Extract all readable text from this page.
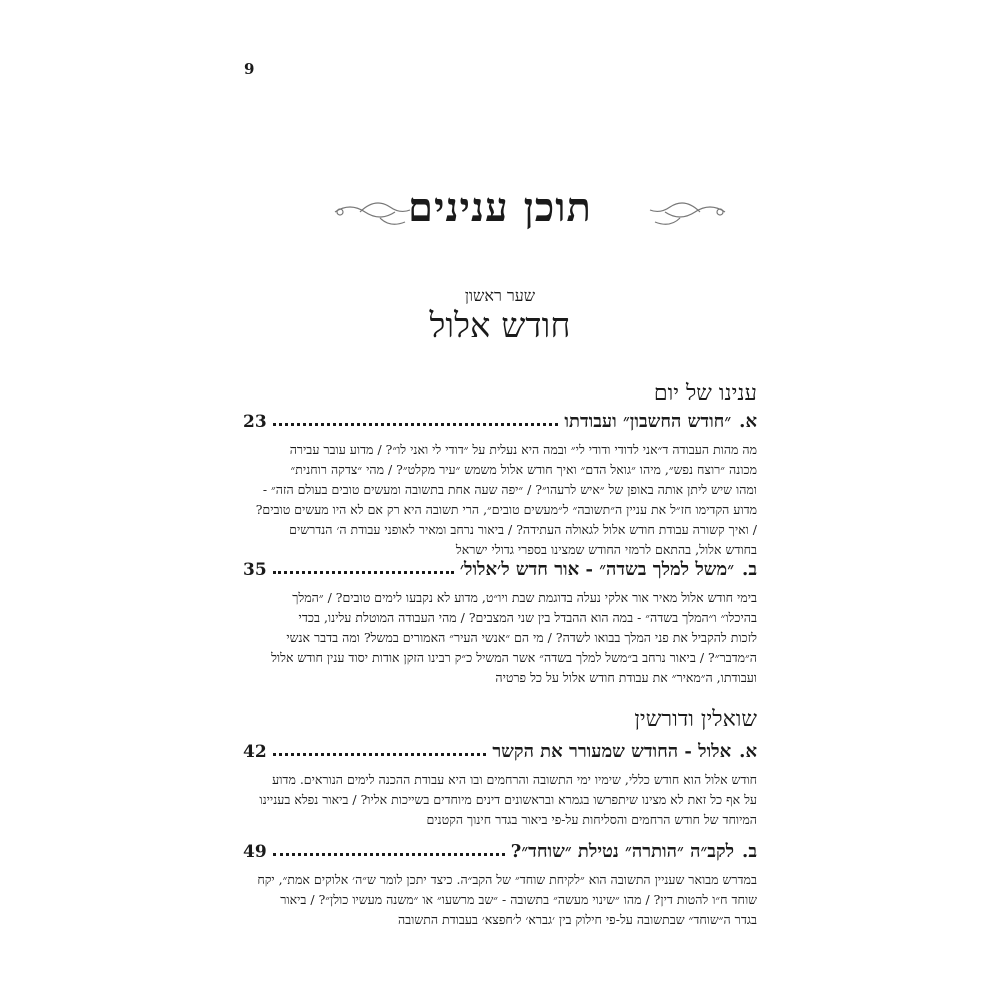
9
תוכן ענינים
שער ראשון
חודש אלול
ענינו של יום
א.
״חודש החשבון״ ועבודתו
23
מה מהות העבודה ד״אני לדודי ודודי לי״ ובמה היא נעלית על ״דודי לי ואני לו״? / מדוע עובר עבירה
מכונה ״רוצח נפש״, מיהו ״גואל הדם״ ואיך חודש אלול משמש ״עיר מקלט״? / מהי ״צדקה רוחנית״
ומהו שיש ליתן אותה באופן של ״איש לרעהו״? / ״יפה שעה אחת בתשובה ומעשים טובים בעולם הזה״ -
מדוע הקדימו חז״ל את עניין ה״תשובה״ ל״מעשים טובים״, הרי תשובה היא רק אם לא היו מעשים טובים?
/ ואיך קשורה עבודת חודש אלול לגאולה העתידה? / ביאור נרחב ומאיר לאופני עבודת ה׳ הנדרשים
בחודש אלול, בהתאם לרמזי החודש שמצינו בספרי גדולי ישראל
ב.
״משל למלך בשדה״ - אור חדש ל׳אלול׳
35
בימי חודש אלול מאיר אור אלקי נעלה בדוגמת שבת ויו״ט, מדוע לא נקבעו לימים טובים? / ״המלך
בהיכלו״ ו״המלך בשדה״ - במה הוא ההבדל בין שני המצבים? / מהי העבודה המוטלת עלינו, בכדי
לזכות להקביל את פני המלך בבואו לשדה? / מי הם ״אנשי העיר״ האמורים במשל? ומה בדבר אנשי
ה״מדבר״? / ביאור נרחב ב״משל למלך בשדה״ אשר המשיל כ״ק רבינו הזקן אודות יסוד ענין חודש אלול
ועבודתו, ה״מאיר״ את עבודת חודש אלול על כל פרטיה
שואלין ודורשין
א.
אלול - החודש שמעורר את הקשר
42
חודש אלול הוא חודש כללי, שימיו ימי התשובה והרחמים ובו היא עבודת ההכנה לימים הנוראים. מדוע
על אף כל זאת לא מצינו שיתפרשו בגמרא ובראשונים דינים מיוחדים בשייכות אליו? / ביאור נפלא בעניינו
המיוחד של חודש הרחמים והסליחות על-פי ביאור בגדר חינוך הקטנים
ב.
לקב״ה ״הותרה״ נטילת ״שוחד״?
49
במדרש מבואר שעניין התשובה הוא ״לקיחת שוחד״ של הקב״ה. כיצד יתכן לומר ש״ה׳ אלוקים אמת״, יקח
שוחד ח״ו להטות דין? / מהו ״שינוי מעשה״ בתשובה - ״שב מרשעו״ או ״משנה מעשיו כולן״? / ביאור
בגדר ה״שוחד״ שבתשובה על-פי חילוק בין ׳גברא׳ ל׳חפצא׳ בעבודת התשובה
